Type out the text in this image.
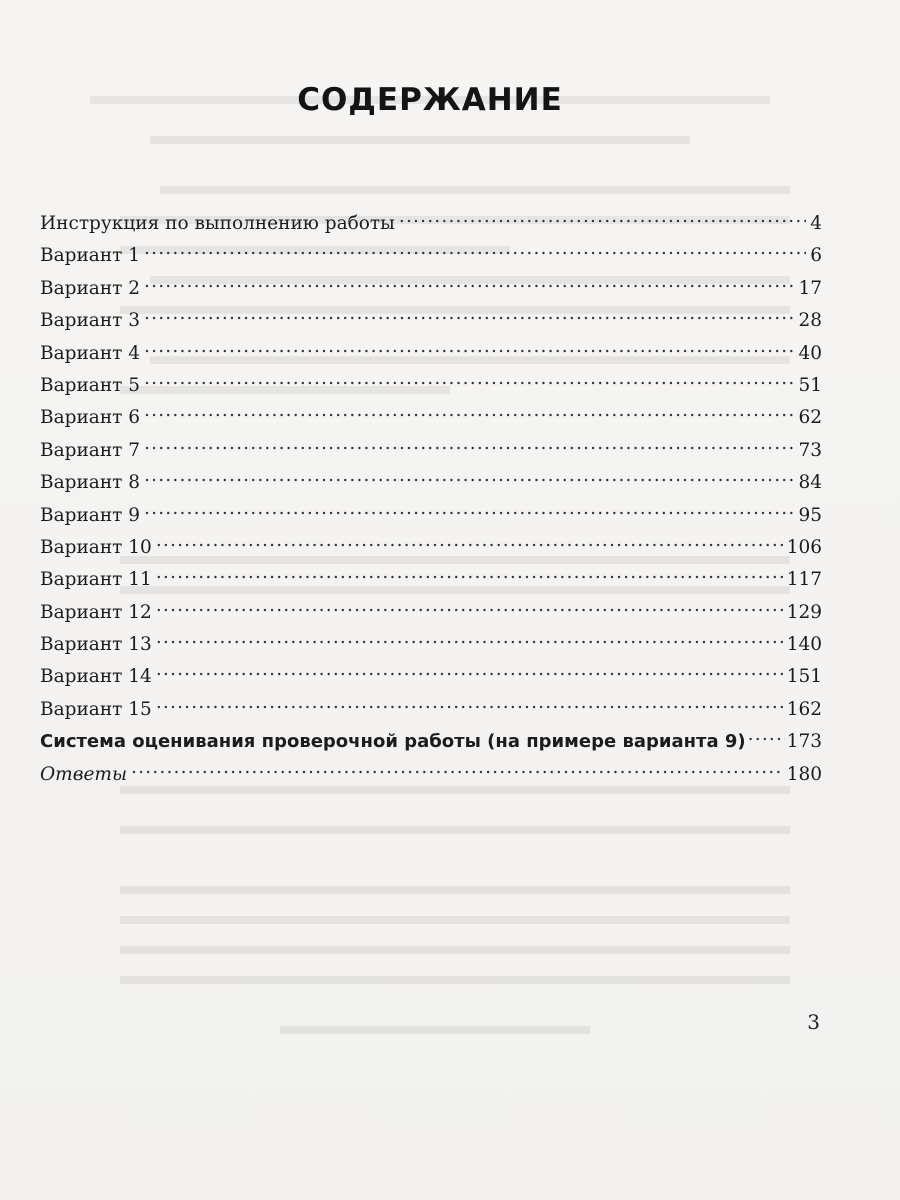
СОДЕРЖАНИЕ
Инструкция по выполнению работы .....	4
Вариант 1 .....	6
Вариант 2 .....	17
Вариант 3 .....	28
Вариант 4 .....	40
Вариант 5 .....	51
Вариант 6 .....	62
Вариант 7 .....	73
Вариант 8 .....	84
Вариант 9 .....	95
Вариант 10 .....	106
Вариант 11 .....	117
Вариант 12 .....	129
Вариант 13 .....	140
Вариант 14 .....	151
Вариант 15 .....	162
Система оценивания проверочной работы (на примере варианта 9) ..... 173
Ответы .....	180
3
